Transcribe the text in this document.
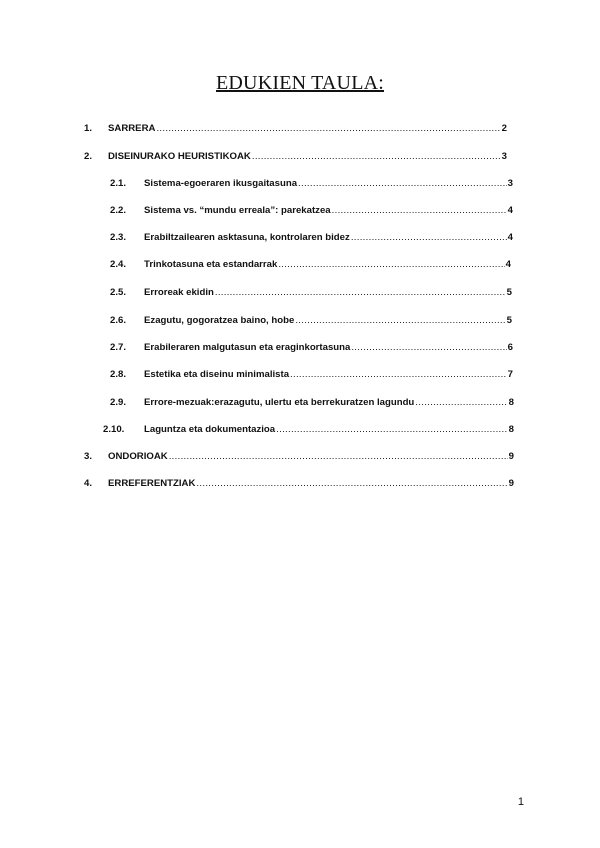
EDUKIEN TAULA:
1. SARRERA .....	2
2. DISEINURAKO HEURISTIKOAK .....	3
2.1. Sistema-egoeraren ikusgaitasuna .....	3
2.2. Sistema vs. “mundu erreala”: parekatzea .....	4
2.3. Erabiltzailearen asktasuna, kontrolaren bidez .....	4
2.4. Trinkotasuna eta estandarrak .....	4
2.5. Erroreak ekidin .....	5
2.6. Ezagutu, gogoratzea baino, hobe .....	5
2.7. Erabileraren malgutasun eta eraginkortasuna .....	6
2.8. Estetika eta diseinu minimalista .....	7
2.9. Errore-mezuak:erazagutu, ulertu eta berrekuratzen lagundu .....	8
2.10. Laguntza eta dokumentazioa .....	8
3. ONDORIOAK .....	9
4. ERREFERENTZIAK .....	9
1
